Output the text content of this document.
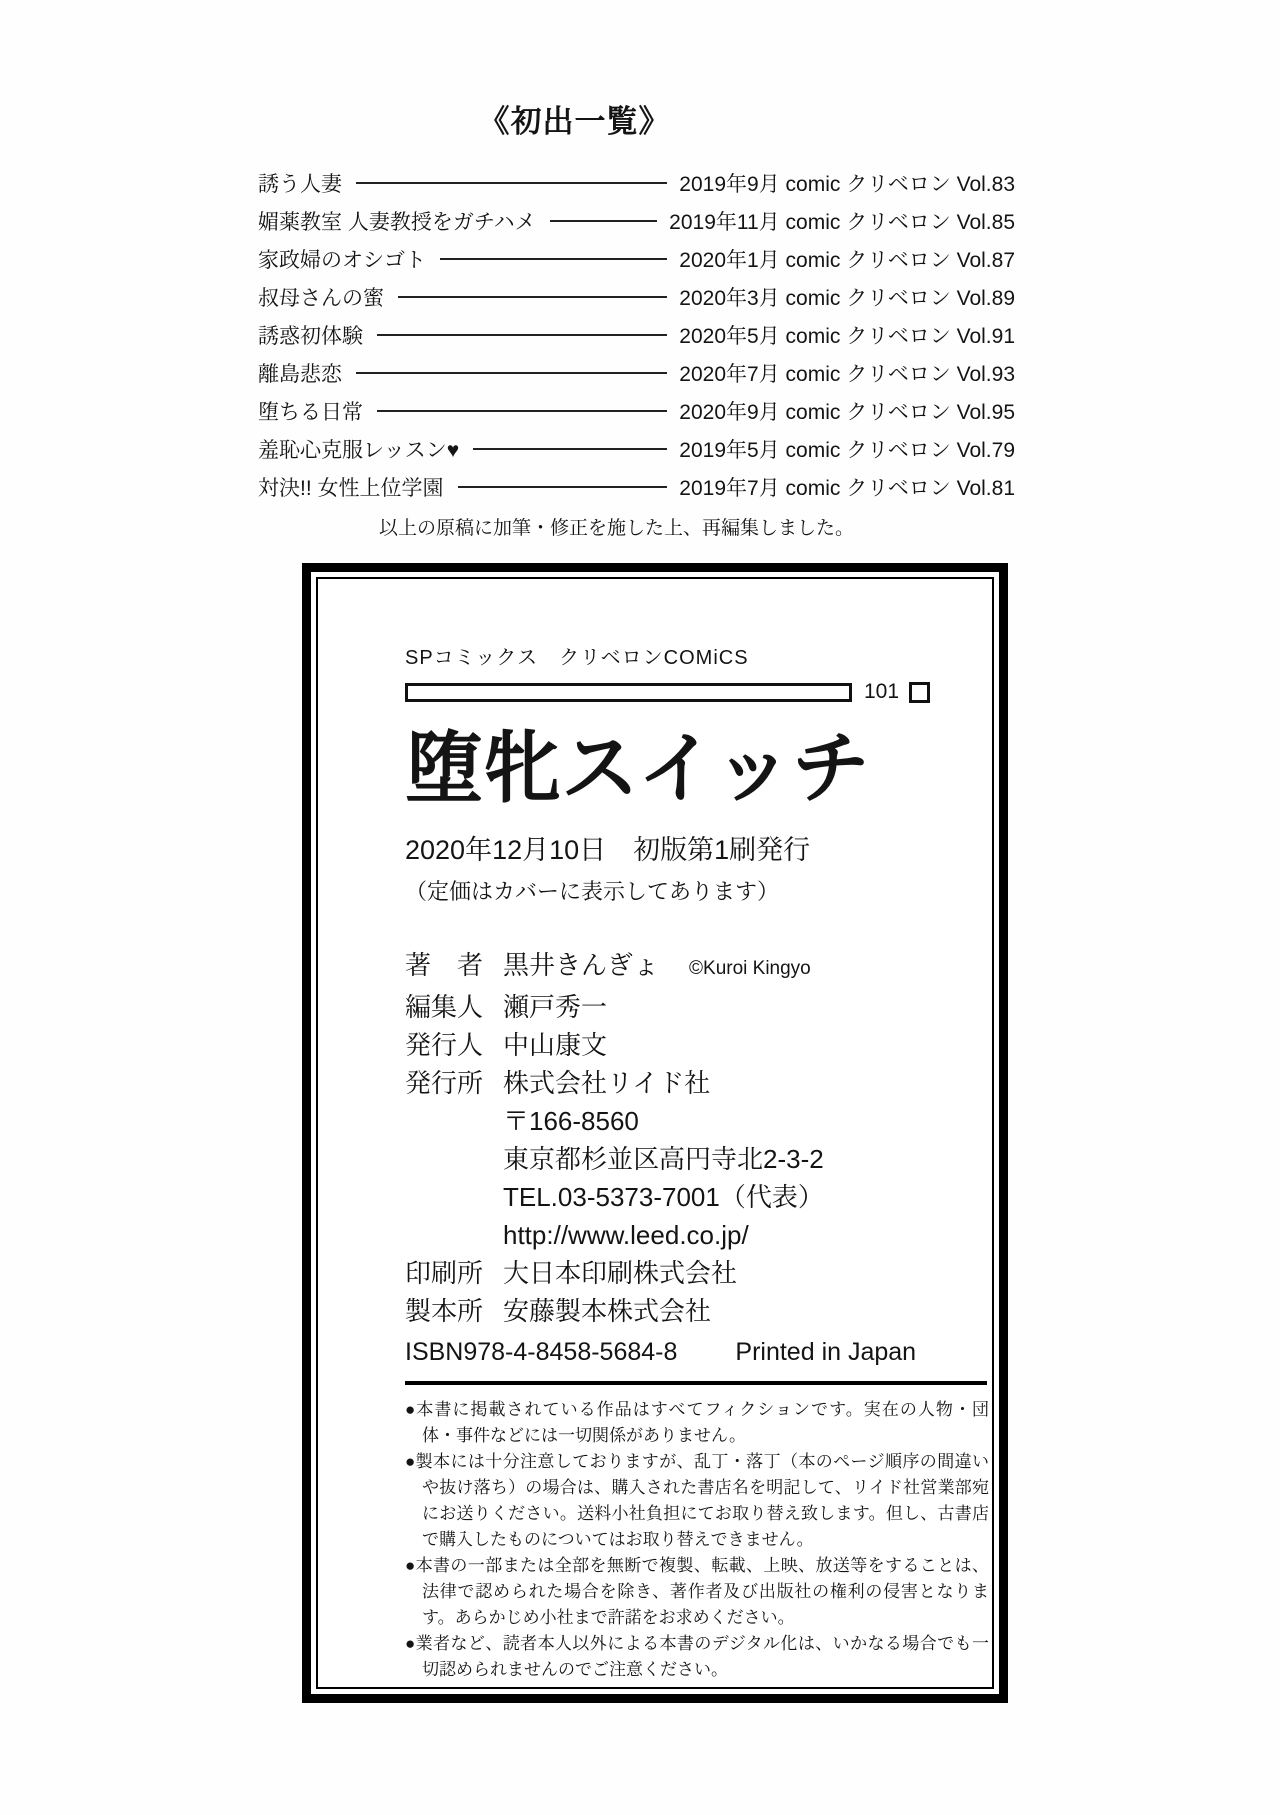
《初出一覧》
誘う人妻	2019年9月 comic クリベロン Vol.83
媚薬教室 人妻教授をガチハメ	2019年11月 comic クリベロン Vol.85
家政婦のオシゴト	2020年1月 comic クリベロン Vol.87
叔母さんの蜜	2020年3月 comic クリベロン Vol.89
誘惑初体験	2020年5月 comic クリベロン Vol.91
離島悲恋	2020年7月 comic クリベロン Vol.93
堕ちる日常	2020年9月 comic クリベロン Vol.95
羞恥心克服レッスン♥	2019年5月 comic クリベロン Vol.79
対決!! 女性上位学園	2019年7月 comic クリベロン Vol.81

以上の原稿に加筆・修正を施した上、再編集しました。

SPコミックス　クリベロンCOMiCS
101
堕牝スイッチ
2020年12月10日　初版第1刷発行
（定価はカバーに表示してあります）
著　者 黒井きんぎょ ©Kuroi Kingyo
編集人 瀬戸秀一
発行人 中山康文
発行所 株式会社リイド社
〒166-8560
東京都杉並区高円寺北2-3-2
TEL.03-5373-7001（代表）
http://www.leed.co.jp/
印刷所 大日本印刷株式会社
製本所 安藤製本株式会社
ISBN978-4-8458-5684-8 Printed in Japan

●本書に掲載されている作品はすべてフィクションです。実在の人物・団体・事件などには一切関係がありません。

●製本には十分注意しておりますが、乱丁・落丁（本のページ順序の間違いや抜け落ち）の場合は、購入された書店名を明記して、リイド社営業部宛にお送りください。送料小社負担にてお取り替え致します。但し、古書店で購入したものについてはお取り替えできません。

●本書の一部または全部を無断で複製、転載、上映、放送等をすることは、法律で認められた場合を除き、著作者及び出版社の権利の侵害となります。あらかじめ小社まで許諾をお求めください。

●業者など、読者本人以外による本書のデジタル化は、いかなる場合でも一切認められませんのでご注意ください。
